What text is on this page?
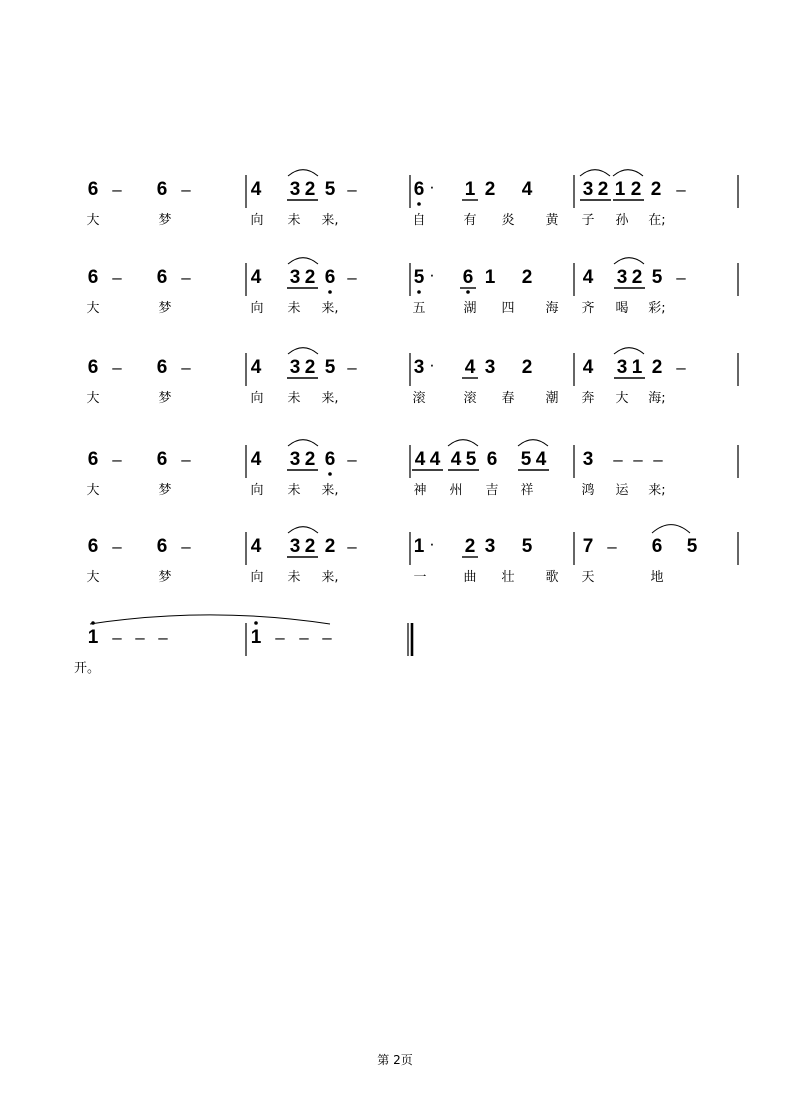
6 – 6 –	4 3 2 5 –	6 · 1 2 4	3 2 1 2 2 –
6 – 6 –	4 3 2 6 –	5 · 6 1 2	4 3 2 5 –
6 – 6 –	4 3 2 5 –	3 · 4 3 2	4 3 1 2 –
6 – 6 –	4 3 2 6 –	4 4 4 5 6 5 4 3 – – –
6 – 6 –	4 3 2 2 –	1 · 2 3 5	7 – 6 5
1 – – –	1 – – –
大	梦	向 未 来,	自	有 炎 黄 子 孙 在;
大	梦	向 未 来,	五	湖 四 海 齐 喝 彩;
大	梦	向 未 来,	滚	滚 春 潮 奔 大 海;
大	梦	向 未 来,	神 州 吉 祥	鸿 运 来;
大	梦	向 未 来,	一	曲 壮 歌 天	地
开。
第 2页
